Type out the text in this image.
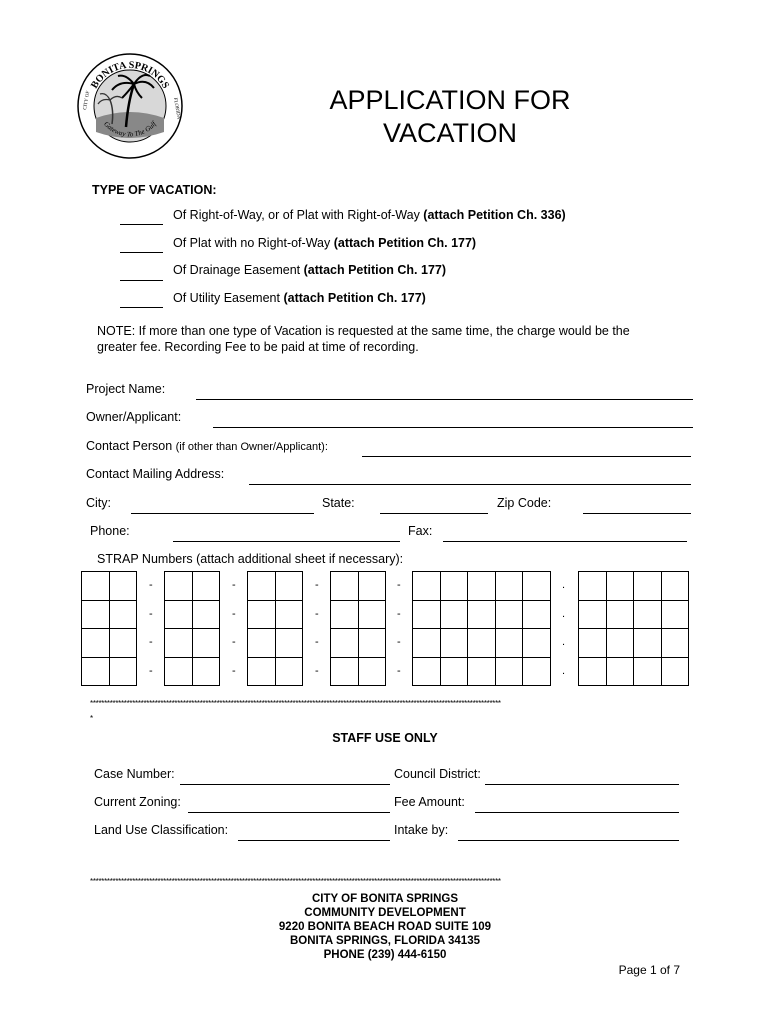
BONITA SPRINGS
Gateway To The Gulf
CITY OF	FLORIDA	APPLICATION FOR
VACATION
TYPE OF VACATION:
Of Right-of-Way, or of Plat with Right-of-Way (attach Petition Ch. 336)
Of Plat with no Right-of-Way (attach Petition Ch. 177)
Of Drainage Easement (attach Petition Ch. 177)
Of Utility Easement (attach Petition Ch. 177)
NOTE: If more than one type of Vacation is requested at the same time, the charge would be the
greater fee. Recording Fee to be paid at time of recording.
Project Name:
Owner/Applicant:
Contact Person (if other than Owner/Applicant):
Contact Mailing Address:
City:	State:	Zip Code:
Phone:	Fax:
STRAP Numbers (attach additional sheet if necessary):
-	-	-	-	.
-	-	-	-	.
-	-	-	-	.
-	-	-	-	.
**************************************************************************************************************************************************
*
STAFF USE ONLY
Case Number:	Council District:
Current Zoning:	Fee Amount:
Land Use Classification:	Intake by:
**************************************************************************************************************************************************
CITY OF BONITA SPRINGS
COMMUNITY DEVELOPMENT
9220 BONITA BEACH ROAD SUITE 109
BONITA SPRINGS, FLORIDA 34135
PHONE (239) 444-6150
Page 1 of 7
